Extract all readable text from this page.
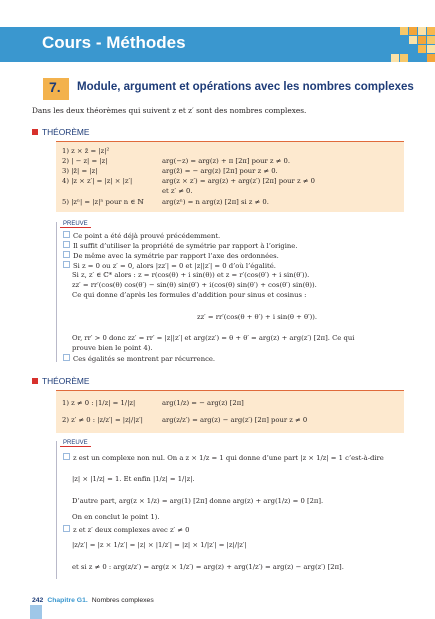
Cours - Méthodes
7. Module, argument et opérations avec les nombres complexes
Dans les deux théorèmes qui suivent z et z′ sont des nombres complexes.
THÉORÈME
1) z × z̄ = |z|²
2) | − z| = |z|	arg(−z) = arg(z) + π [2π] pour z ≠ 0.
3) |z̄| = |z|	arg(z̄) = − arg(z) [2π] pour z ≠ 0.
4) |z × z′| = |z| × |z′|	arg(z × z′) = arg(z) + arg(z′) [2π] pour z ≠ 0
et z′ ≠ 0.
5) |zⁿ| = |z|ⁿ pour n ∈ ℕ	arg(zⁿ) = n arg(z) [2π] si z ≠ 0.
PREUVE
Ce point a été déjà prouvé précédemment.
Il suffit d’utiliser la propriété de symétrie par rapport à l’origine.
De même avec la symétrie par rapport l’axe des ordonnées.
Si z = 0 ou z′ = 0, alors |zz′| = 0 et |z||z′| = 0 d’où l’égalité.
Si z, z′ ∈ ℂ* alors : z = r(cos(θ) + i sin(θ)) et z = r′(cos(θ′) + i sin(θ′)).
zz′ = rr′(cos(θ) cos(θ′) − sin(θ) sin(θ′) + i(cos(θ) sin(θ′) + cos(θ′) sin(θ)).
Ce qui donne d’après les formules d’addition pour sinus et cosinus :
zz′ = rr′(cos(θ + θ′) + i sin(θ + θ′)).
Or, rr′ > 0 donc zz′ = rr′ = |z||z′| et arg(zz′) = θ + θ′ = arg(z) + arg(z′) [2π]. Ce qui
prouve bien le point 4).
Ces égalités se montrent par récurrence.
THÉORÈME
1) z ≠ 0 : |1/z| = 1/|z|	arg(1/z) = − arg(z) [2π]
2) z′ ≠ 0 : |z/z′| = |z|/|z′|	arg(z/z′) = arg(z) − arg(z′) [2π] pour z ≠ 0
PREUVE
z est un complexe non nul. On a z × 1/z = 1 qui donne d’une part |z × 1/z| = 1 c’est-à-dire
|z| × |1/z| = 1. Et enfin |1/z| = 1/|z|.
D’autre part, arg(z × 1/z) = arg(1) [2π] donne arg(z) + arg(1/z) = 0 [2π].
On en conclut le point 1).
z et z′ deux complexes avec z′ ≠ 0
|z/z′| = |z × 1/z′| = |z| × |1/z′| = |z| × 1/|z′| = |z|/|z′|
et si z ≠ 0 : arg(z/z′) = arg(z × 1/z′) = arg(z) + arg(1/z′) = arg(z) − arg(z′) [2π].
242 Chapitre G1. Nombres complexes
